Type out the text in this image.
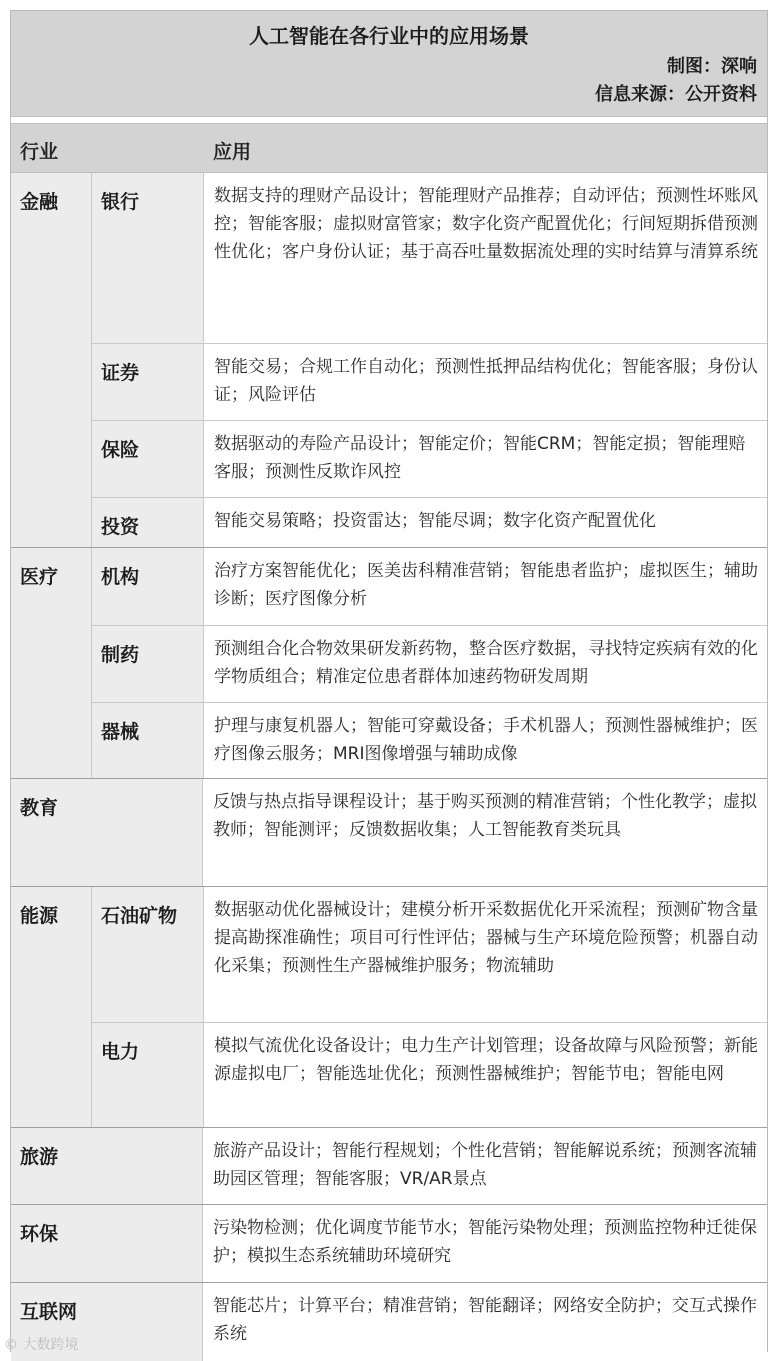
人工智能在各行业中的应用场景
制图：深响
信息来源：公开资料
行业	应用
金融 银行	数据支持的理财产品设计；智能理财产品推荐；自动评估；预测性坏账风控；智能客服；虚拟财富管家；数字化资产配置优化；行间短期拆借预测性优化；客户身份认证；基于高吞吐量数据流处理的实时结算与清算系统
证券	智能交易；合规工作自动化；预测性抵押品结构优化；智能客服；身份认证；风险评估
保险	数据驱动的寿险产品设计；智能定价；智能CRM；智能定损；智能理赔客服；预测性反欺诈风控
投资	智能交易策略；投资雷达；智能尽调；数字化资产配置优化
医疗 机构	治疗方案智能优化；医美齿科精准营销；智能患者监护；虚拟医生；辅助诊断；医疗图像分析
制药	预测组合化合物效果研发新药物，整合医疗数据，寻找特定疾病有效的化学物质组合；精准定位患者群体加速药物研发周期
器械	护理与康复机器人；智能可穿戴设备；手术机器人；预测性器械维护；医疗图像云服务；MRI图像增强与辅助成像
教育	反馈与热点指导课程设计；基于购买预测的精准营销；个性化教学；虚拟教师；智能测评；反馈数据收集；人工智能教育类玩具
能源 石油矿物	数据驱动优化器械设计；建模分析开采数据优化开采流程；预测矿物含量提高勘探准确性；项目可行性评估；器械与生产环境危险预警；机器自动化采集；预测性生产器械维护服务；物流辅助
电力	模拟气流优化设备设计；电力生产计划管理；设备故障与风险预警；新能源虚拟电厂；智能选址优化；预测性器械维护；智能节电；智能电网
旅游	旅游产品设计；智能行程规划；个性化营销；智能解说系统；预测客流辅助园区管理；智能客服；VR/AR景点
环保	污染物检测；优化调度节能节水；智能污染物处理；预测监控物种迁徙保护；模拟生态系统辅助环境研究
互联网	智能芯片；计算平台；精准营销；智能翻译；网络安全防护；交互式操作系统
© 大数跨境
